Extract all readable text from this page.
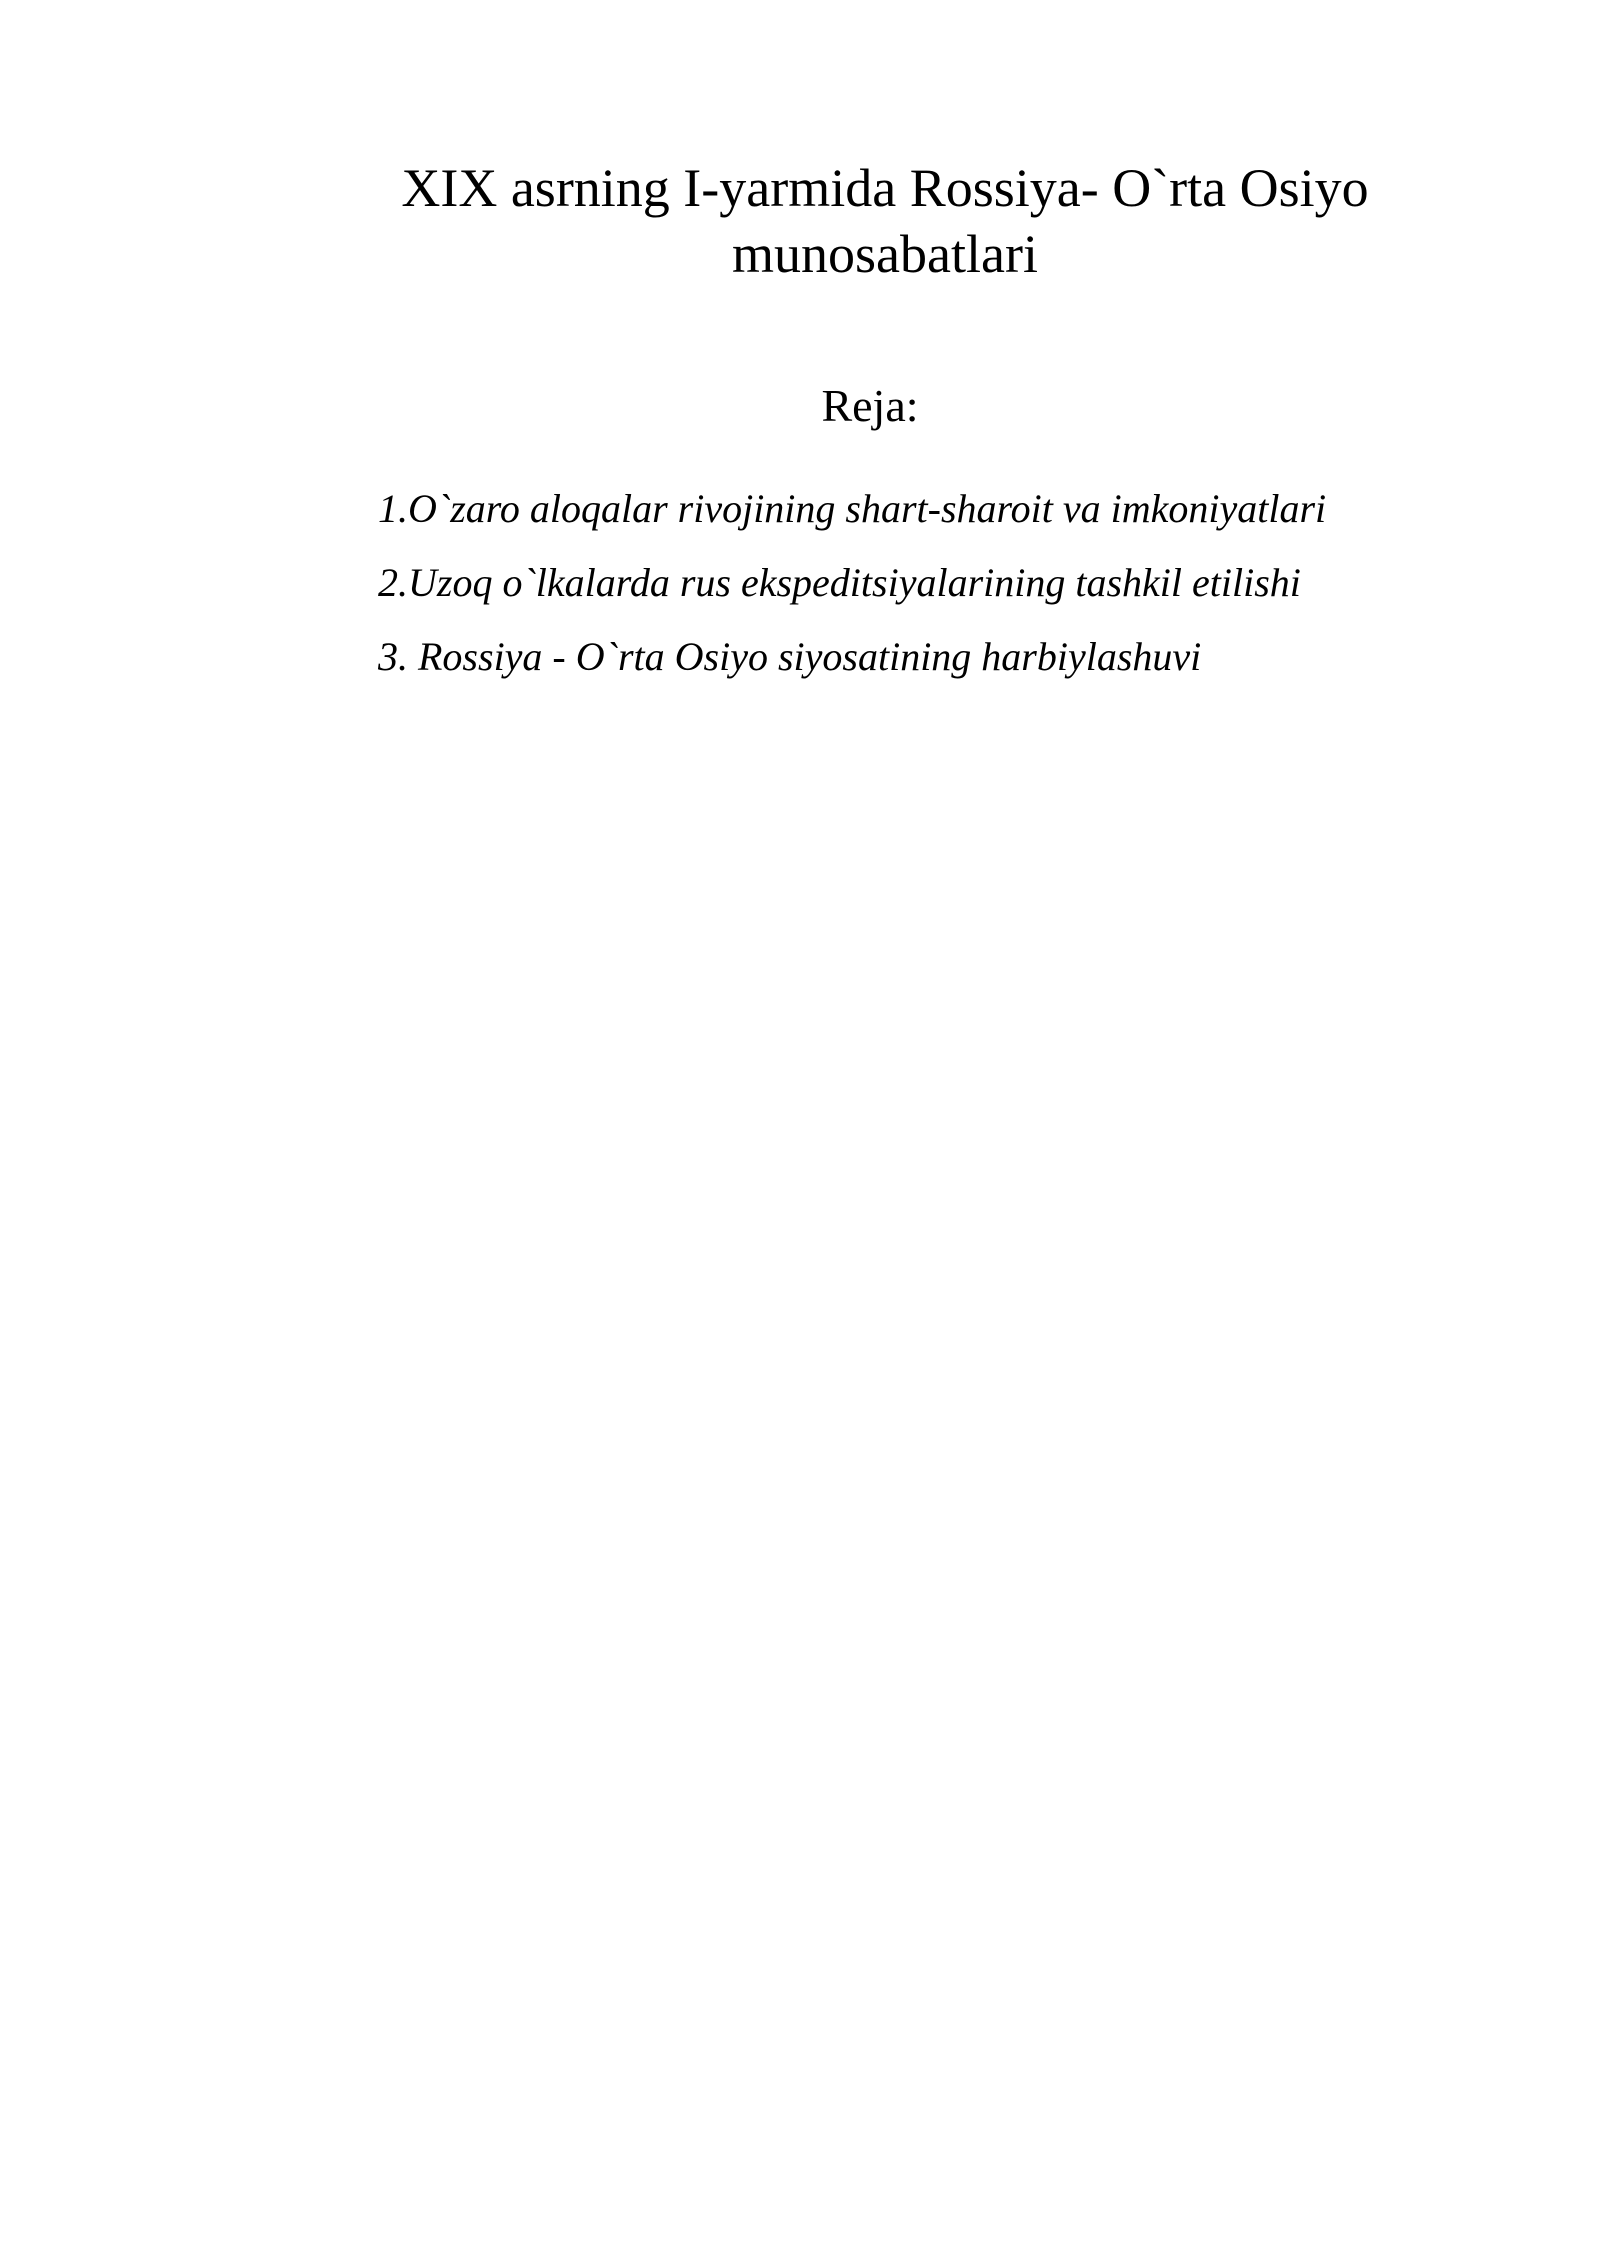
XIX asrning I-yarmida Rossiya- O`rta Osiyo
munosabatlari
Reja:
1.O`zaro aloqalar rivojining shart-sharoit va imkoniyatlari
2.Uzoq o`lkalarda rus ekspeditsiyalarining tashkil etilishi
3. Rossiya - O`rta Osiyo siyosatining harbiylashuvi
